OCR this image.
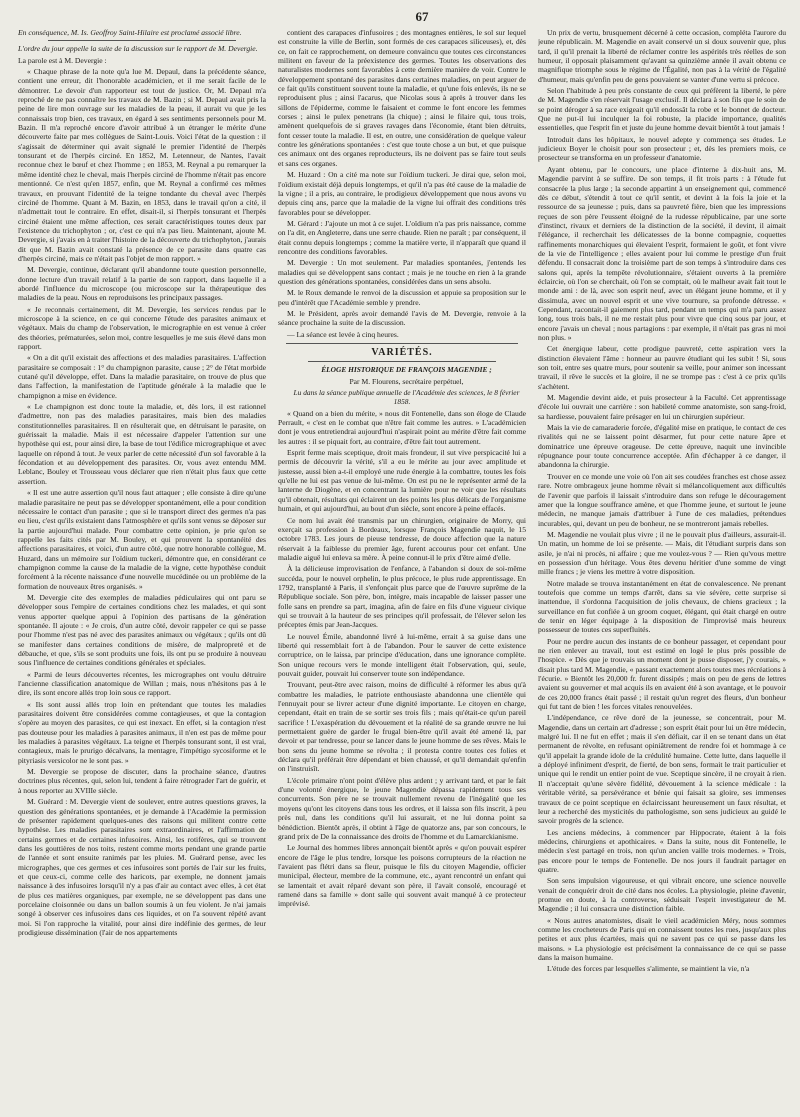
67

En conséquence, M. Is. Geoffroy Saint-Hilaire est proclamé associé libre.

L'ordre du jour appelle la suite de la discussion sur le rapport de M. Devergie.

La parole est à M. Devergie :

« Chaque phrase de la note qu'a lue M. Depaul, dans la précédente séance, contient une erreur, dit l'honorable académicien, et il me serait facile de le démontrer. Le devoir d'un rapporteur est tout de justice. Or, M. Depaul m'a reproché de ne pas connaître les travaux de M. Bazin ; si M. Depaul avait pris la peine de lire mon ouvrage sur les maladies de la peau, il aurait vu que je les connaissais trop bien, ces travaux, en égard à ses sentiments personnels pour M. Bazin. Il m'a reproché encore d'avoir attribué à un étranger le mérite d'une découverte faite par mes collègues de Saint-Louis. Voici l'état de la question : il s'agissait de déterminer qui avait signalé le premier l'identité de l'herpès tonsurant et de l'herpès circiné. En 1852, M. Letenneur, de Nantes, l'avait reconnue chez le bœuf et chez l'homme ; en 1853, M. Reynal a pu remarquer la même identité chez le cheval, mais l'herpès circiné de l'homme n'était pas encore mentionné. Ce n'est qu'en 1857, enfin, que M. Reynal a confirmé ces mêmes travaux, en prouvant l'identité de la teigne tondante du cheval avec l'herpès circiné de l'homme. Quant à M. Bazin, en 1853, dans le travail qu'on a cité, il n'admettait tout le contraire. En effet, disait-il, si l'herpès tonsurant et l'herpès circiné étaient une même affection, ces serait caractéristiques toutes deux par l'existence du trichophyton ; or, c'est ce qui n'a pas lieu. Maintenant, ajoute M. Devergie, si j'avais en à traiter l'histoire de la découverte du trichophyton, j'aurais dit que M. Bazin avait constaté la présence de ce parasite dans quatre cas d'herpès circiné, mais ce n'était pas l'objet de mon rapport. »

M. Devergie, continue, déclarant qu'il abandonne toute question personnelle, donne lecture d'un travail relatif à la partie de son rapport, dans laquelle il a abordé l'influence du microscope (ou microscope sur la thérapeutique des maladies de la peau. Nous en reproduisons les principaux passages.

« Je reconnais certainement, dit M. Devergie, les services rendus par le microscope à la science, en ce qui concerne l'étude des parasites animaux et végétaux. Mais du champ de l'observation, le micrographie en est venue à créer des théories, prématurées, selon moi, contre lesquelles je me suis élevé dans mon rapport.

« On a dit qu'il existait des affections et des maladies parasitaires. L'affection parasitaire se composait : 1° du champignon parasite, cause ; 2° de l'état morbide cutané qu'il développe, effet. Dans la maladie parasitaire, on trouve de plus que dans l'affection, la manifestation de l'aptitude générale à la maladie que le champignon a mise en évidence.

« Le champignon est donc toute la maladie, et, dès lors, il est rationnel d'admettre, non pas des maladies parasitaires, mais bien des maladies constitutionnelles parasitaires. Il en résulterait que, en détruisant le parasite, on guérissait la maladie. Mais il est nécessaire d'appeler l'attention sur une hypothèse qui est, pour ainsi dire, la base de tout l'édifice micrographique et avec laquelle on répond à tout. Je veux parler de cette nécessité d'un sol favorable à la fécondation et au développement des parasites. Or, vous avez entendu MM. Leblanc, Bouley et Trousseau vous déclarer que rien n'était plus faux que cette assertion.

« Il est une autre assertion qu'il nous faut attaquer ; elle consiste à dire qu'une maladie parasitaire ne peut pas se développer spontanément, elle a pour condition nécessaire le contact d'un parasite ; que si le transport direct des germes n'a pas eu lieu, c'est qu'ils existaient dans l'atmosphère et qu'ils sont venus se déposer sur la partie aujourd'hui malade. Pour combattre cette opinion, je prie qu'on se rappelle les faits cités par M. Bouley, et qui prouvent la spontanéité des affections parasitaires, et voici, d'un autre côté, que notre honorable collègue, M. Huzard, dans un mémoire sur l'oïdium tuckeri, démontre que, en considérant ce champignon comme la cause de la maladie de la vigne, cette hypothèse conduit forcément à la récente naissance d'une nouvelle mucédinée ou un problème de la formation de nouveaux êtres organisés. »

M. Devergie cite des exemples de maladies pédiculaires qui ont paru se développer sous l'empire de certaines conditions chez les malades, et qui sont venus apporter quelque appui à l'opinion des partisans de la génération spontanée. Il ajoute : « Je crois, d'un autre côté, devoir rappeler ce qui se passe pour l'homme n'est pas né avec des parasites animaux ou végétaux ; qu'ils ont dû se manifester dans certaines conditions de misère, de malpropreté et de débauche, et que, s'ils se sont produits une fois, ils ont pu se produire à nouveau sous l'influence de certaines conditions générales et spéciales.

« Parmi de leurs découvertes récentes, les micrographes ont voulu détruire l'ancienne classification anatomique de Willan ; mais, nous n'hésitons pas à le dire, ils sont encore allés trop loin sous ce rapport.

« Ils sont aussi allés trop loin en prétendant que toutes les maladies parasitaires doivent être considérées comme contagieuses, et que la contagion s'opère au moyen des parasites, ce qui est inexact. En effet, si la contagion n'est pas douteuse pour les maladies à parasites animaux, il n'en est pas de même pour les maladies à parasites végétaux. La teigne et l'herpès tonsurant sont, il est vrai, contagieux, mais le prurigo décalvans, la mentagre, l'impétigo sycosiforme et le pityriasis versicolor ne le sont pas. »

M. Devergie se propose de discuter, dans la prochaine séance, d'autres doctrines plus récentes, qui, selon lui, tendent à faire rétrograder l'art de guérir, et à nous reporter au XVIIIe siècle.

M. Guérard : M. Devergie vient de soulever, entre autres questions graves, la question des générations spontanées, et je demande à l'Académie la permission de présenter rapidement quelques-unes des raisons qui militent contre cette hypothèse. Les maladies parasitaires sont extraordinaires, et l'affirmation de certains germes et de certaines infusoires. Ainsi, les rotifères, qui se trouvent dans les gouttières de nos toits, restent comme morts pendant une grande partie de l'année et sont ensuite ranimés par les pluies. M. Guérard pense, avec les micrographes, que ces germes et ces infusoires sont portés de l'air sur les fruits, et que ceux-ci, comme celle des haricots, par exemple, ne donnent jamais naissance à des infusoires lorsqu'il n'y a pas d'air au contact avec elles, à cet état de plus ces matières organiques, par exemple, ne se développent pas dans une porcelaine cloisonnée ou dans un ballon soumis à un feu violent. Je n'ai jamais songé à observer ces infusoires dans ces liquides, et on l'a souvent répété avant moi. Si l'on rapproche la vitalité, pour ainsi dire indéfinie des germes, de leur prodigieuse dissémination (l'air de nos appartements

contient des carapaces d'infusoires ; des montagnes entières, le sol sur lequel est construite la ville de Berlin, sont formés de ces carapaces siliceuses), et, dès ce, on fait ce rapprochement, on demeure convaincu que toutes ces circonstances militent en faveur de la préexistence des germes. Toutes les observations des naturalistes modernes sont favorables à cette dernière manière de voir. Contre le développement spontané des parasites dans certaines maladies, on peut arguer de ce fait qu'ils constituent souvent toute la maladie, et qu'une fois enlevés, ils ne se reproduisent plus ; ainsi l'acarus, que Nicolas sous à après à trouver dans les sillons de l'épiderme, comme le faisaient et comme le font encore les femmes corses ; ainsi le pulex penetrans (la chique) ; ainsi le filaire qui, tous trois, amènent quelquefois de si graves ravages dans l'économie, étant bien détruits, font cesser toute la maladie. Il est, en outre, une considération de quelque valeur contre les générations spontanées : c'est que toute chose a un but, et que puisque ces animaux ont des organes reproducteurs, ils ne doivent pas se faire tout seuls et sans ces organes.

M. Huzard : On a cité ma note sur l'oïdium tuckeri. Je dirai que, selon moi, l'oïdium existait déjà depuis longtemps, et qu'il n'a pas été cause de la maladie de la vigne ; il a pris, au contraire, le prodigieux développement que nous avons vu depuis cinq ans, parce que la maladie de la vigne lui offrait des conditions très favorables pour se développer.

M. Gérard : J'ajoute un mot à ce sujet. L'oïdium n'a pas pris naissance, comme on l'a dit, en Angleterre, dans une serre chaude. Rien ne paraît ; par conséquent, il était connu depuis longtemps ; comme la matière verte, il n'apparaît que quand il rencontre des conditions favorables.

M. Devergie : Un mot seulement. Par maladies spontanées, j'entends les maladies qui se développent sans contact ; mais je ne touche en rien à la grande question des générations spontanées, considérées dans un sens absolu.

M. le Roux demande le renvoi de la discussion et appuie sa proposition sur le peu d'intérêt que l'Académie semble y prendre.

M. le Président, après avoir demandé l'avis de M. Devergie, renvoie à la séance prochaine la suite de la discussion.

— La séance est levée à cinq heures.

VARIÉTÉS.

ÉLOGE HISTORIQUE DE FRANÇOIS MAGENDIE ;

Par M. Flourens, secrétaire perpétuel,

Lu dans la séance publique annuelle de l'Académie des sciences, le 8 février 1858.

« Quand on a bien du mérite, » nous dit Fontenelle, dans son éloge de Claude Perrault, « c'est en le combat que n'être fait comme les autres. » L'académicien dont je vous entretiendrai aujourd'hui n'aspirait point au mérite d'être fait comme les autres : il se piquait fort, au contraire, d'être fait tout autrement.

Esprit ferme mais sceptique, droit mais frondeur, il sut vive perspicacité lui a permis de découvrir la vérité, s'il a eu le mérite au jour avec amplitude et justesse, aussi bien a-t-il employé une rude énergie à la combattre, toutes les fois qu'elle ne lui est pas venue de lui-même. On est pu ne le représenter armé de la lanterne de Diogène, et en concentrant la lumière pour ne voir que les résultats qu'il obtenait, résultats qui éclairent un des points les plus délicats de l'organisme humain, et qui aujourd'hui, au bout d'un siècle, sont encore à peine effacés.

Ce nom lui avait été transmis par un chirurgien, originaire de Morry, qui exerçait sa profession à Bordeaux, lorsque François Magendie naquit, le 15 octobre 1783. Les jours de pieuse tendresse, de douce affection que la nature réservait à la faiblesse du premier âge, furent accourus pour cet enfant. Une maladie aiguë lui enleva sa mère. À peine connut-il le prix d'être aimé d'elle.

À la délicieuse improvisation de l'enfance, à l'abandon si doux de soi-même succéda, pour le nouvel orphelin, le plus précoce, le plus rude apprentissage. En 1792, transplanté à Paris, il s'enfonçait plus parce que de l'œuvre suprême de la République sociale. Son père, bon, intègre, mais incapable de laisser passer une folle sans en prendre sa part, imagina, afin de faire en fils d'une vigueur civique qui se trouvait à la hauteur de ses principes qu'il professait, de l'élever selon les préceptes émis par Jean-Jacques.

Le nouvel Émile, abandonné livré à lui-même, errait à sa guise dans une liberté qui ressemblait fort à de l'abandon. Pour le sauver de cette existence corruptrice, on le laissa, par principe d'éducation, dans une ignorance complète. Son unique recours vers le monde intelligent était l'observation, qui, seule, pouvait guider, pouvait lui conserver toute son indépendance.

Trouvant, peut-être avec raison, moins de difficulté à réformer les abus qu'à combattre les maladies, le patriote enthousiaste abandonna une clientèle qui l'ennuyait pour se livrer acteur d'une dignité importante. Le citoyen en charge, cependant, était en train de se sortir ses trois fils ; mais qu'était-ce qu'un pareil sacrifice ! L'exaspération du dévouement et la réalité de sa grande œuvre ne lui permettaient guère de garder le frugal bien-être qu'il avait été amené là, par devoir et par tendresse, pour se lancer dans le jeune homme de ses rêves. Mais le bon sens du jeune homme se révolta ; il protesta contre toutes ces folies et déclara qu'il préférait être dépendant et bien chaussé, et qu'il demandait qu'enfin on l'instruisît.

L'école primaire n'ont point d'élève plus ardent ; y arrivant tard, et par le fait d'une volonté énergique, le jeune Magendie dépassa rapidement tous ses concurrents. Son père ne se trouvait nullement revenu de l'inégalité que les moyens qu'ont les citoyens dans tous les ordres, et il laissa son fils inscrit, à peu près nul, dans les conditions qu'il lui assurait, et ne lui donna point sa bénédiction. Bientôt après, il obtint à l'âge de quatorze ans, par son concours, le grand prix de De la connaissance des droits de l'homme et du Lamarckianisme.

Le Journal des hommes libres annonçait bientôt après « qu'on pouvait espérer encore de l'âge le plus tendre, lorsque les poisons corrupteurs de la réaction ne l'avaient pas flétri dans sa fleur, puisque le fils du citoyen Magendie, officier municipal, électeur, membre de la commune, etc., ayant rencontré un enfant qui se lamentait et avait réparé devant son père, il l'avait consolé, encouragé et ramené dans sa famille » dont saïle qui souvent avait manqué à ce protecteur imprévisé.

Un prix de vertu, brusquement décerné à cette occasion, compléta l'aurore du jeune républicain. M. Magendie en avait conservé un si doux souvenir que, plus tard, il qu'il prenait la liberté de réclamer contre les aspérités très réelles de son humeur, il opposait plaisamment qu'avant sa quinzième année il avait obtenu ce magnifique triomphe sous le régime de l'Égalité, non pas à la vérité de l'égalité d'humeur, mais qu'enfin peu de gens pouvaient se vanter d'une vertu si précoce.

Selon l'habitude à peu près constante de ceux qui préfèrent la liberté, le père de M. Magendie s'en réservait l'usage exclusif. Il déclara à son fils que le soin de se point déroger à sa race exigeait qu'il endossât la robe et le bonnet de docteur. Que ne put-il lui inculquer la foi robuste, la placide importance, qualités essentielles, que l'esprit fin et juste du jeune homme devait bientôt à tout jamais !

Introduit dans les hôpitaux, le nouvel adepte y commença ses études. Le judicieux Boyer le choisit pour son prosecteur ; et, dès les premiers mois, ce prosecteur se transforma en un professeur d'anatomie.

Ayant obtenu, par le concours, une place d'interne à dix-huit ans, M. Magendie parvint à se suffire. De son temps, il fit trois parts : à l'étude fut consacrée la plus large ; la seconde appartint à un enseignement qui, commencé dès ce début, s'étendit à tout ce qu'il sentit, et devint à la fois la joie et la ressource de sa jeunesse ; puis, dans sa pauvreté fière, bien que les impressions reçues de son père l'eussent éloigné de la rudesse républicaine, par une sorte d'instinct, rivaux et derniers de la distinction de la société, il devint, il aimait l'élégance, il recherchait les délicatesses de la bonne compagnie, coquettes raffinements monarchiques qui élevaient l'esprit, formaient le goût, et font vivre de la vie de l'intelligence ; elles avaient pour lui comme le prestige d'un fruit défendu. Il consacrait donc la troisième part de son temps à s'introduire dans ces salons qui, après la tempête révolutionnaire, s'étaient ouverts à la première éclaircie, où l'on se cherchait, où l'on se comptait, où le malheur avait fait tout le monde ami : de là, avec son esprit neuf, avec un élégant jeune homme, et il y dissimula, avec un nouvel esprit et une vive tournure, sa profonde détresse. « Cependant, racontait-il gaiement plus tard, pendant un temps qui m'a paru assez long, tous trois bals, il ne me restait plus pour vivre que cinq sous par jour, et encore j'avais un cheval ; nous partagions : par exemple, il n'était pas gras ni moi non plus. »

Cet énergique labeur, cette prodigue pauvreté, cette aspiration vers la distinction élevaient l'âme : honneur au pauvre étudiant qui les subit ! Si, sous son toit, entre ses quatre murs, pour soutenir sa veille, pour animer son incessant travail, il rêve le succès et la gloire, il ne se trompe pas : c'est à ce prix qu'ils s'achètent.

M. Magendie devint aide, et puis prosecteur à la Faculté. Cet apprentissage d'école lui ouvrait une carrière : son habileté comme anatomiste, son sang-froid, sa hardiesse, pouvaient faire présager en lui un chirurgien supérieur.

Mais la vie de camaraderie forcée, d'égalité mise en pratique, le contact de ces rivalités qui ne se laissent point désarmer, fut pour cette nature âpre et dominatrice une épreuve orageuse. De cette épreuve, naquit une invincible répugnance pour toute concurrence acceptée. Afin d'échapper à ce danger, il abandonna la chirurgie.

Trouver en ce monde une voie où l'on ait ses coudées franches est chose assez rare. Notre ombrageux jeune homme rêvait si mélancoliquement aux difficultés de l'avenir que parfois il laissait s'introduire dans son refuge le découragement amer que la longue souffrance amène, et que l'homme jeune, et surtout le jeune médecin, ne manque jamais d'attribuer à l'une de ces maladies, prétendues incurables, qui, devant un peu de bonheur, ne se montreront jamais rebelles.

M. Magendie ne voulait plus vivre ; il ne le pouvait plus d'ailleurs, assurait-il. Un matin, un homme de loi se présente. — Mais, dit l'étudiant surpris dans son asile, je n'ai ni procès, ni affaire ; que me voulez-vous ? — Rien qu'vous mettre en possession d'un héritage. Vous êtes devenu héritier d'une somme de vingt mille francs ; je viens les mettre à votre disposition.

Notre malade se trouva instantanément en état de convalescence. Ne prenant toutefois que comme un temps d'arrêt, dans sa vie sévère, cette surprise si inattendue, il s'ordonna l'acquisition de jolis chevaux, de chiens gracieux ; la surveillance en fut confiée à un groom coquet, élégant, qui était chargé en outre de tenir en léger équipage à la disposition de l'improvisé mais heureux possesseur de toutes ces superfluités.

Pour ne perdre aucun des instants de ce bonheur passager, et cependant pour ne rien enlever au travail, tout est estimé en logé le plus près possible de l'hospice. « Dès que je trouvais un moment dont je pusse disposer, j'y courais, » disait plus tard M. Magendie, « passant exactement alors toutes mes récréations à l'écurie. » Bientôt les 20,000 fr. furent dissipés ; mais on peu de gens de lettres avaient su gouverner et mal acquis ils en avaient été à son avantage, et le pouvoir de ces 20,000 francs était passé ; il restait qu'un regret des fleurs, d'un bonheur qui fut tant de bien ! les forces vitales renouvelées.

L'indépendance, ce rêve doré de la jeunesse, se concentrait, pour M. Magendie, dans un certain art d'adresse ; son esprit était pour lui un être médecin, malgré lui. Il ne fut en effet ; mais il s'en défiait, car il en se tenant dans un état permanent de révolte, en refusant opiniâtrement de rendre foi et hommage à ce qu'il appelait la grande idole de la crédulité humaine. Cette lutte, dans laquelle il a déployé infiniment d'esprit, de fierté, de bon sens, formait le trait particulier et unique qui le rendit un entier point de vue. Sceptique sincère, il ne croyait à rien. Il n'acceptait qu'une sévère fidélité, dévouement à la science médicale : la véritable vérité, sa persévérance et bénie qui faisait sa gloire, ses immenses travaux de ce point sceptique en éclaircissant heureusement un faux résultat, et leur a recherché des mysticités du pathologisme, son sens judicieux au guidé le savoir progrès de la science.

Les anciens médecins, à commencer par Hippocrate, étaient à la fois médecins, chirurgiens et apothicaires. « Dans la suite, nous dit Fontenelle, le médecin s'est partagé en trois, non qu'un ancien vaille trois modernes. » Trois, pas encore pour le temps de Fontenelle. De nos jours il faudrait partager en quatre.

Son sens impulsion vigoureuse, et qui vibrait encore, une science nouvelle venait de conquérir droit de cité dans nos écoles. La physiologie, pleine d'avenir, promue en doute, à la controverse, séduisait l'esprit investigateur de M. Magendie ; il lui consacra une distinction faible.

« Nous autres anatomistes, disait le vieil académicien Méry, nous sommes comme les crocheteurs de Paris qui en connaissent toutes les rues, jusqu'aux plus petites et aux plus écartées, mais qui ne savent pas ce qui se passe dans les maisons. » La physiologie est précisément la connaissance de ce qui se passe dans la maison humaine.

L'étude des forces par lesquelles s'alimente, se maintient la vie, n'a
